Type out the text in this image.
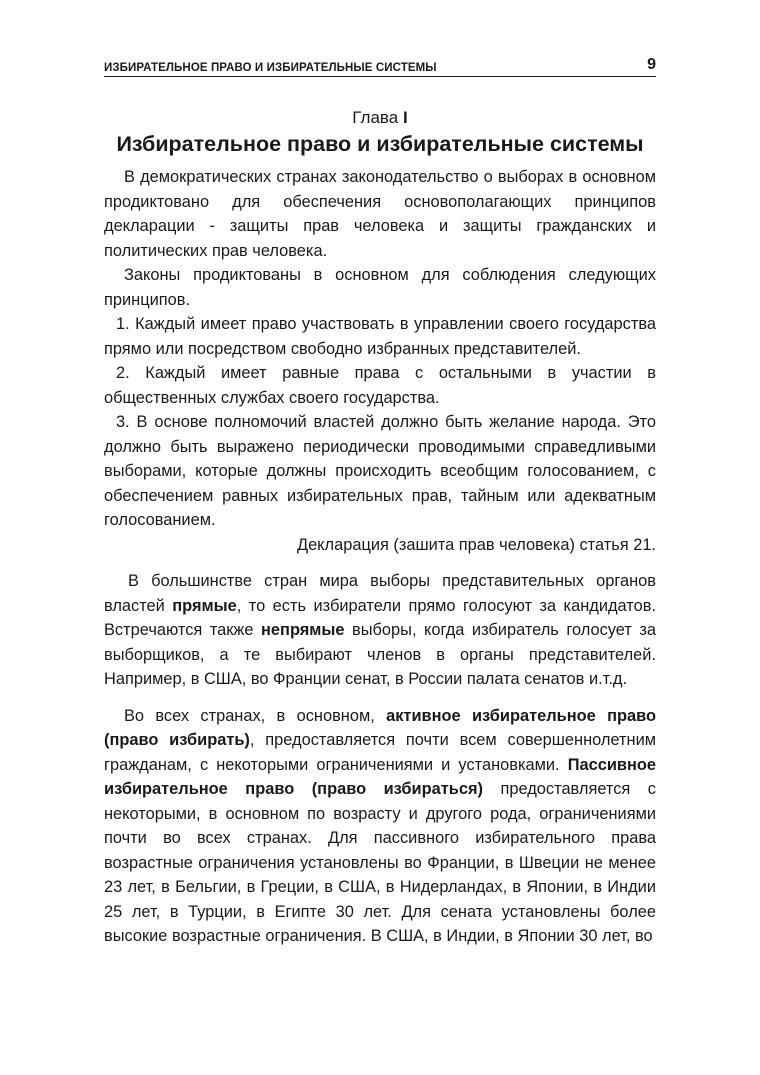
ИЗБИРАТЕЛЬНОЕ ПРАВО И ИЗБИРАТЕЛЬНЫЕ СИСТЕМЫ	9
Глава I
Избирательное право и избирательные системы

В демократических странах законодательство о выборах в основном продиктовано для обеспечения основополагающих принципов декларации - защиты прав человека и защиты гражданских и политических прав человека.

Законы продиктованы в основном для соблюдения следующих принципов.

1. Каждый имеет право участвовать в управлении своего государства прямо или посредством свободно избранных представителей.

2. Каждый имеет равные права с остальными в участии в общественных службах своего государства.

3. В основе полномочий властей должно быть желание народа. Это должно быть выражено периодически проводимыми справедливыми выборами, которые должны происходить всеобщим голосованием, с обеспечением равных избирательных прав, тайным или адекватным голосованием.

Декларация (зашита прав человека) статья 21.

В большинстве стран мира выборы представительных органов властей прямые, то есть избиратели прямо голосуют за кандидатов. Встречаются также непрямые выборы, когда избиратель голосует за выборщиков, а те выбирают членов в органы представителей. Например, в США, во Франции сенат, в России палата сенатов и.т.д.

Во всех странах, в основном, активное избирательное право (право избирать), предоставляется почти всем совершеннолетним гражданам, с некоторыми ограничениями и установками. Пассивное избирательное право (право избираться) предоставляется с некоторыми, в основном по возрасту и другого рода, ограничениями почти во всех странах. Для пассивного избирательного права возрастные ограничения установлены во Франции, в Швеции не менее 23 лет, в Бельгии, в Греции, в США, в Нидерландах, в Японии, в Индии 25 лет, в Турции, в Египте 30 лет. Для сената установлены более высокие возрастные ограничения. В США, в Индии, в Японии 30 лет, во
